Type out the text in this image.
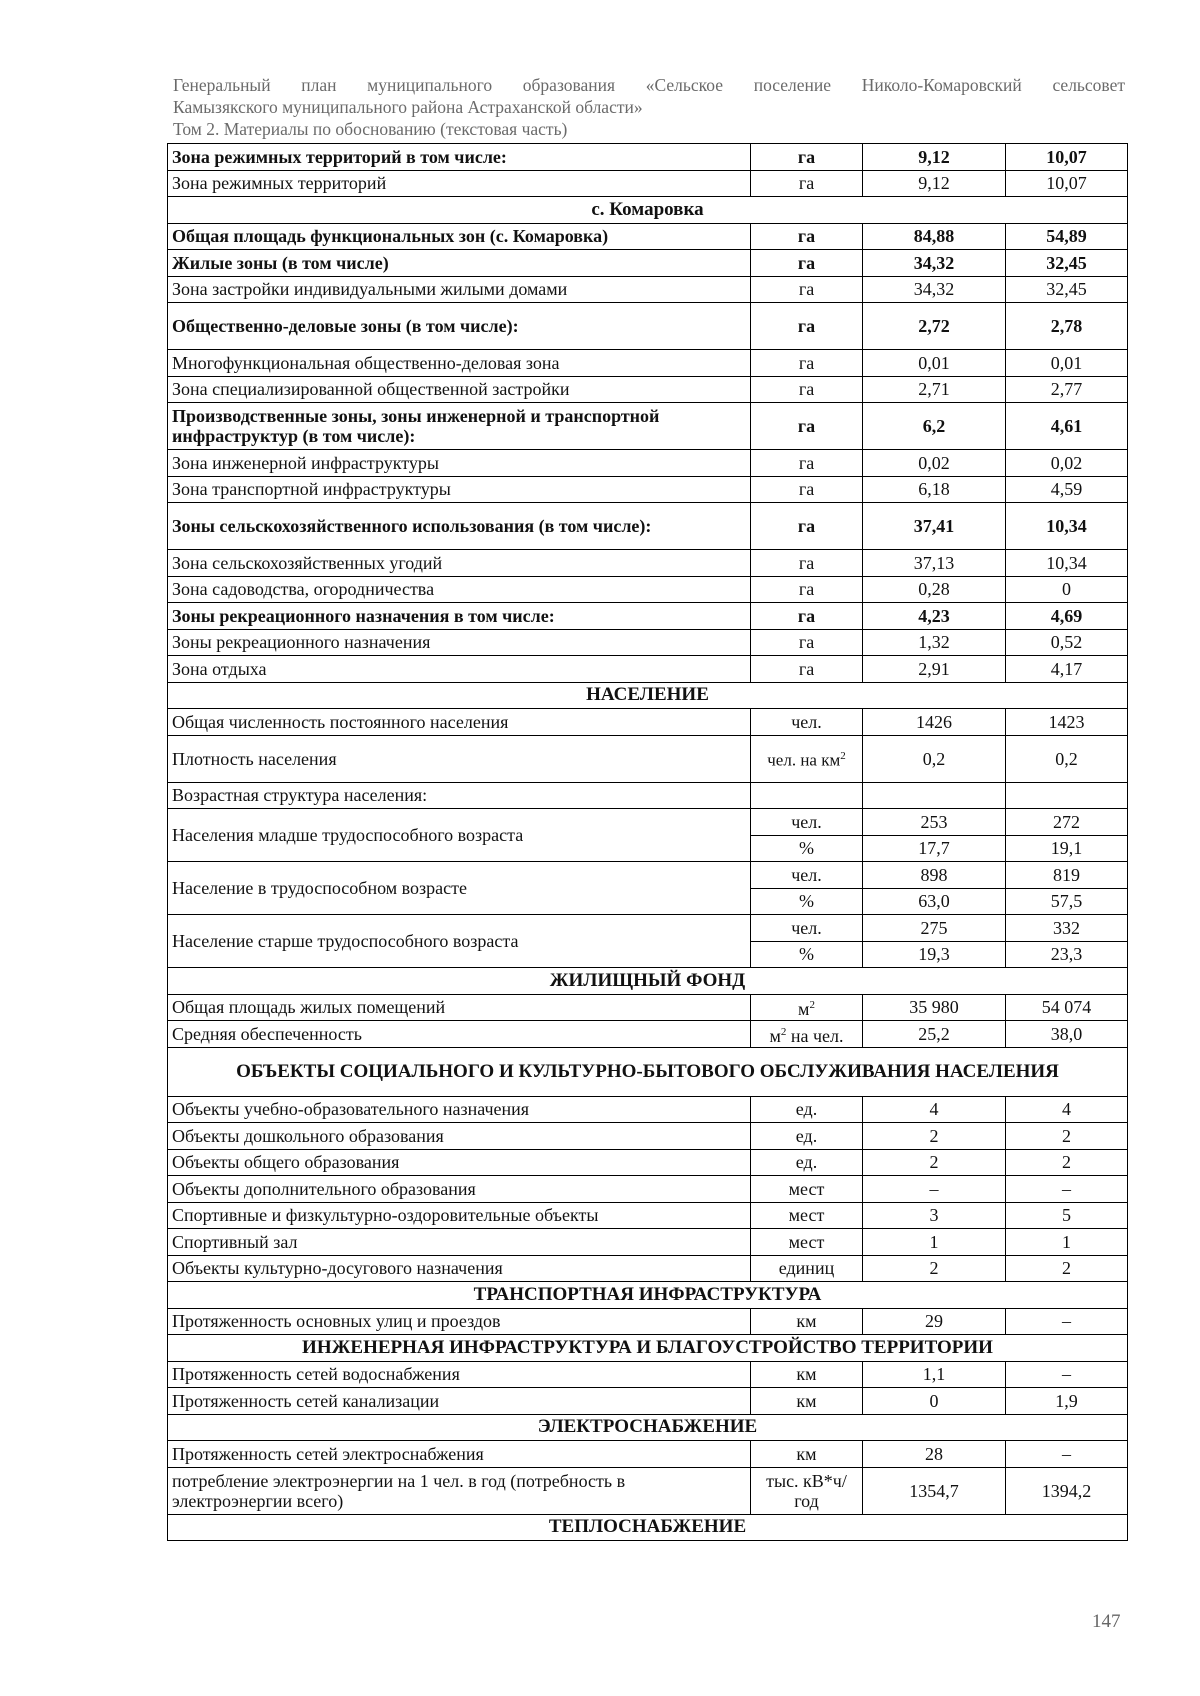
Генеральный план муниципального образования «Сельское поселение Николо-Комаровский сельсовет
Камызякского муниципального района Астраханской области»
Том 2. Материалы по обоснованию (текстовая часть)
Зона режимных территорий в том числе:	га	9,12	10,07
Зона режимных территорий	га	9,12	10,07
с. Комаровка			
Общая площадь функциональных зон (с. Комаровка)	га	84,88	54,89
Жилые зоны (в том числе)	га	34,32	32,45
Зона застройки индивидуальными жилыми домами	га	34,32	32,45
Общественно-деловые зоны (в том числе):	га	2,72	2,78
Многофункциональная общественно-деловая зона	га	0,01	0,01
Зона специализированной общественной застройки	га	2,71	2,77
Производственные зоны, зоны инженерной и транспортной инфраструктур (в том числе):	га	6,2	4,61
Зона инженерной инфраструктуры	га	0,02	0,02
Зона транспортной инфраструктуры	га	6,18	4,59
Зоны сельскохозяйственного использования (в том числе):	га	37,41	10,34
Зона сельскохозяйственных угодий	га	37,13	10,34
Зона садоводства, огородничества	га	0,28	0
Зоны рекреационного назначения в том числе:	га	4,23	4,69
Зоны рекреационного назначения	га	1,32	0,52
Зона отдыха	га	2,91	4,17
НАСЕЛЕНИЕ			
Общая численность постоянного населения	чел.	1426	1423
Плотность населения	чел. на $км^2$	0,2	0,2
Возрастная структура населения:			
Населения младше трудоспособного возраста	чел.	253	272
	%	17,7	19,1
Население в трудоспособном возрасте	чел.	898	819
	%	63,0	57,5
Население старше трудоспособного возраста	чел.	275	332
	%	19,3	23,3
ЖИЛИЩНЫЙ ФОНД			
Общая площадь жилых помещений	$м^2$	35 980	54 074
Средняя обеспеченность	$м^2$ на чел.	25,2	38,0
ОБЪЕКТЫ СОЦИАЛЬНОГО И КУЛЬТУРНО-БЫТОВОГО ОБСЛУЖИВАНИЯ НАСЕЛЕНИЯ			
Объекты учебно-образовательного назначения	ед.	4	4
Объекты дошкольного образования	ед.	2	2
Объекты общего образования	ед.	2	2
Объекты дополнительного образования	мест	–	–
Спортивные и физкультурно-оздоровительные объекты	мест	3	5
Спортивный зал	мест	1	1
Объекты культурно-досугового назначения	единиц	2	2
ТРАНСПОРТНАЯ ИНФРАСТРУКТУРА			
Протяженность основных улиц и проездов	км	29	–
ИНЖЕНЕРНАЯ ИНФРАСТРУКТУРА И БЛАГОУСТРОЙСТВО ТЕРРИТОРИИ			
Протяженность сетей водоснабжения	км	1,1	–
Протяженность сетей канализации	км	0	1,9
ЭЛЕКТРОСНАБЖЕНИЕ			
Протяженность сетей электроснабжения	км	28	–
потребление электроэнергии на 1 чел. в год (потребность в электроэнергии всего)	тыс. кВ*ч/год	1354,7	1394,2
ТЕПЛОСНАБЖЕНИЕ			
147
